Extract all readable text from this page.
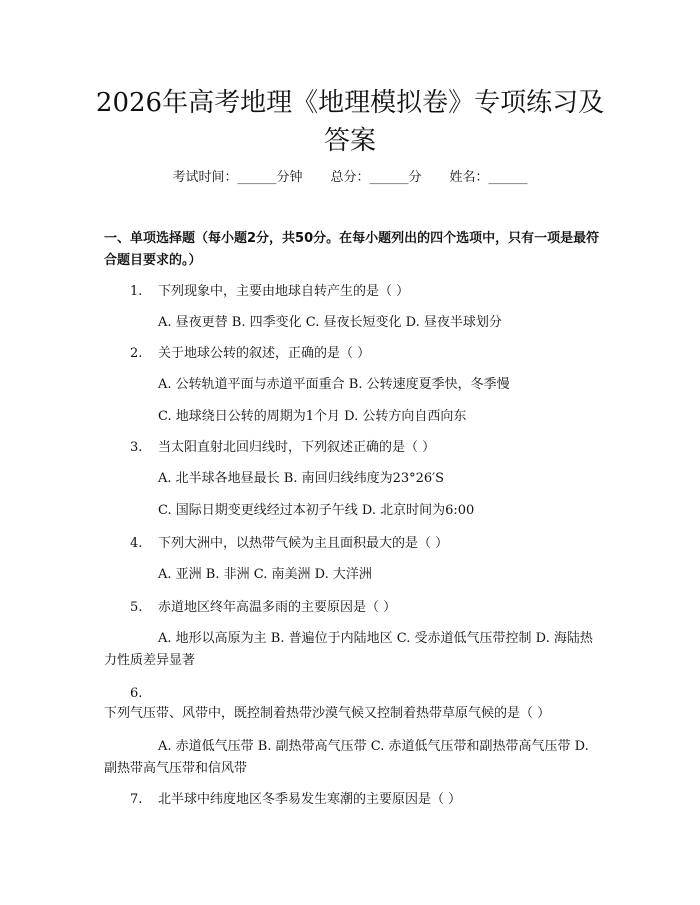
2026年高考地理《地理模拟卷》专项练习及答案
考试时间：______分钟 总分：______分 姓名：______

一、单项选择题（每小题2分，共50分。在每小题列出的四个选项中，只有一项是最符合题目要求的。）

1. 下列现象中，主要由地球自转产生的是（ ）
A. 昼夜更替 B. 四季变化 C. 昼夜长短变化 D. 昼夜半球划分
2. 关于地球公转的叙述，正确的是（ ）
A. 公转轨道平面与赤道平面重合 B. 公转速度夏季快，冬季慢
C. 地球绕日公转的周期为1个月 D. 公转方向自西向东
3. 当太阳直射北回归线时，下列叙述正确的是（ ）
A. 北半球各地昼最长 B. 南回归线纬度为23°26′S
C. 国际日期变更线经过本初子午线 D. 北京时间为6:00
4. 下列大洲中，以热带气候为主且面积最大的是（ ）
A. 亚洲 B. 非洲 C. 南美洲 D. 大洋洲
5. 赤道地区终年高温多雨的主要原因是（ ）
A. 地形以高原为主 B. 普遍位于内陆地区 C. 受赤道低气压带控制 D. 海陆热力性质差异显著
6.下列气压带、风带中，既控制着热带沙漠气候又控制着热带草原气候的是（ ）
A. 赤道低气压带 B. 副热带高气压带 C. 赤道低气压带和副热带高气压带 D. 副热带高气压带和信风带
7. 北半球中纬度地区冬季易发生寒潮的主要原因是（ ）
